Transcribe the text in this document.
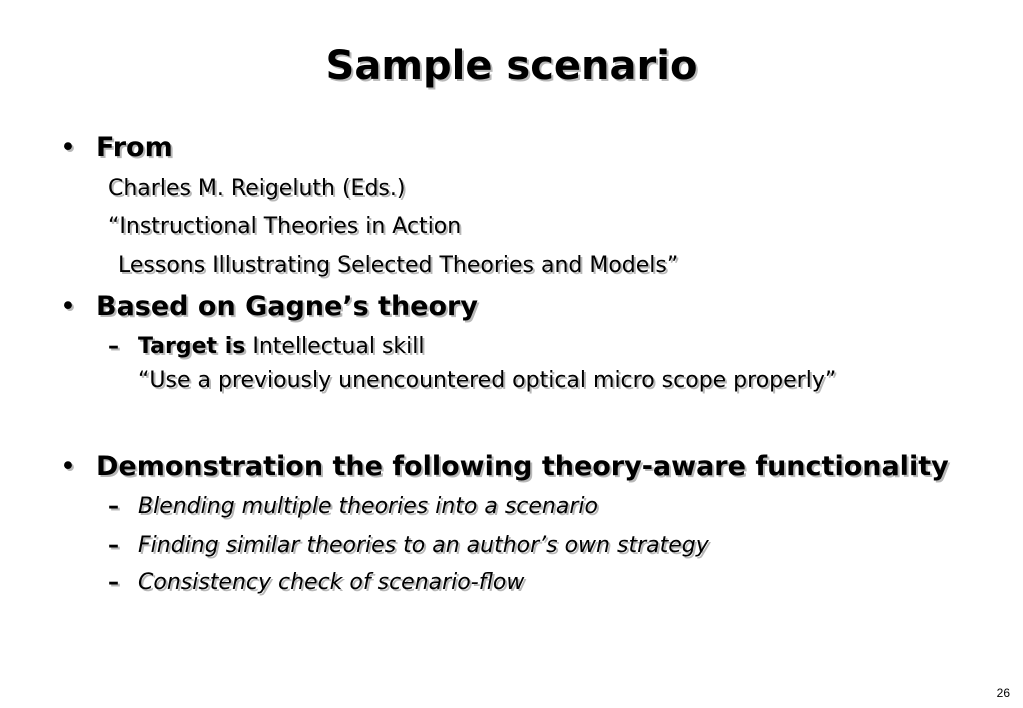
Sample scenario
• From
Charles M. Reigeluth (Eds.)
“Instructional Theories in Action
Lessons Illustrating Selected Theories and Models”
• Based on Gagne’s theory
– Target is Intellectual skill
“Use a previously unencountered optical micro scope properly”
• Demonstration the following theory-aware functionality
– Blending multiple theories into a scenario
– Finding similar theories to an author’s own strategy
– Consistency check of scenario-flow
26
